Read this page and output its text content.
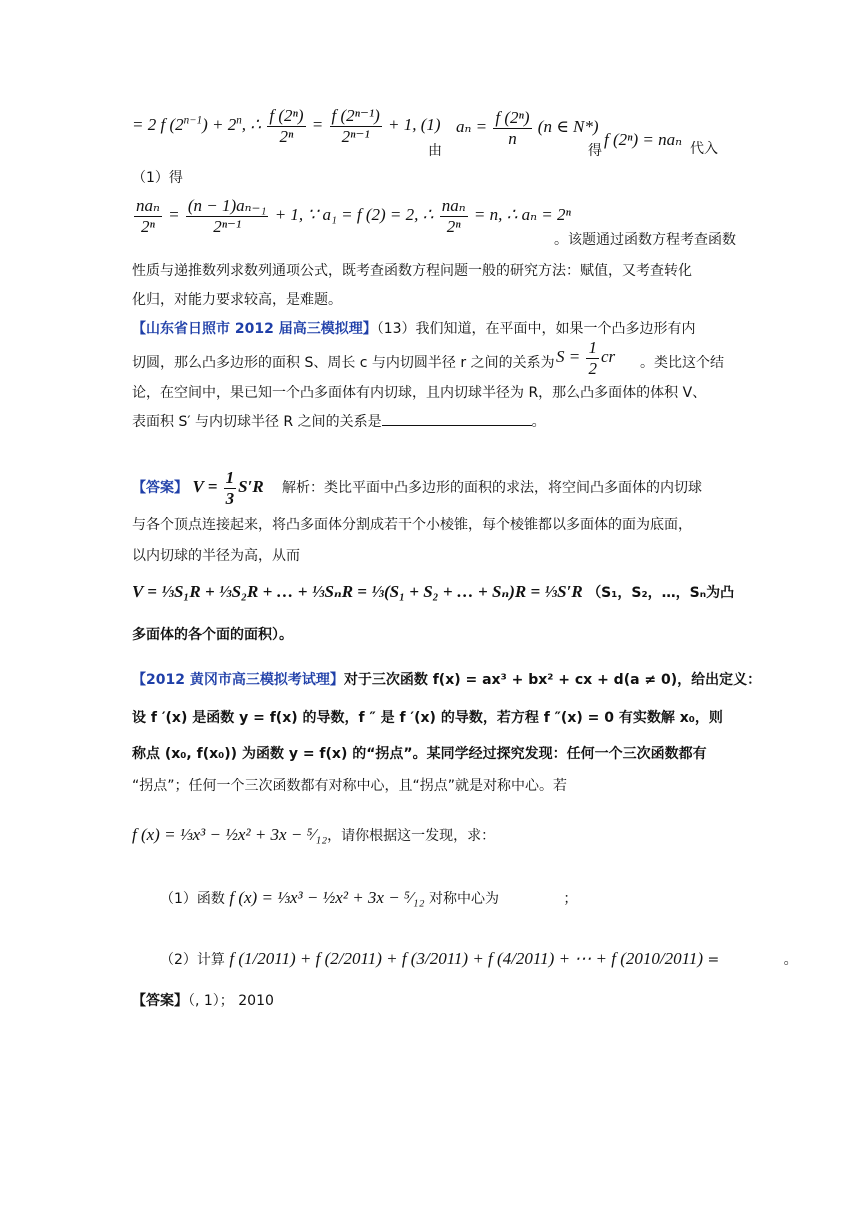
= 2 f $(2^{n-1}) + 2^n$, ∴ $\frac{\text{f (2ⁿ)}}{\text{2ⁿ}} = \frac{\text{f (2ⁿ⁻¹)}}{\text{2ⁿ⁻¹}} + 1$, (1)
由
$a_n = \frac{\text{f (2ⁿ)}}{n} (n$ ∈ N*)
得
f (2ⁿ) = naₙ 代入
（1）得
$\frac{\text{naₙ}}{\text{2ⁿ}} = \frac{\text{(n − 1)aₙ₋₁}}{\text{2ⁿ⁻¹}} + 1$, ∵ a₁ = f (2) = 2, ∴ $\frac{\text{naₙ}}{\text{2ⁿ}} = n$, ∴ aₙ = 2ⁿ
。该题通过函数方程考查函数
性质与递推数列求数列通项公式，既考查函数方程问题一般的研究方法：赋值，又考查转化
化归，对能力要求较高，是难题。
【山东省日照市 2012 届高三模拟理】（13）我们知道，在平面中，如果一个凸多边形有内
切圆，那么凸多边形的面积 S、周长 c 与内切圆半径 r 之间的关系为 $S = \frac{1}{2}$ cr 。类比这个结
论，在空间中，果已知一个凸多面体有内切球，且内切球半径为 R，那么凸多面体的体积 V、
表面积 S′ 与内切球半径 R 之间的关系是	。
【答案】 $V = \frac{1}{3} S'R$ 解析：类比平面中凸多边形的面积的求法，将空间凸多面体的内切球
与各个顶点连接起来，将凸多面体分割成若干个小棱锥，每个棱锥都以多面体的面为底面，
以内切球的半径为高，从而
V = ⅓S₁R + ⅓S₂R + … + ⅓SₙR = ⅓(S₁ + S₂ + … + Sₙ)R = ⅓S′R （S₁，S₂，…，Sₙ为凸
多面体的各个面的面积）。
【2012 黄冈市高三模拟考试理】对于三次函数 f(x) = ax³ + bx² + cx + d(a ≠ 0)，给出定义：
设 f ′(x) 是函数 y = f(x) 的导数，f ″ 是 f ′(x) 的导数，若方程 f ″(x) = 0 有实数解 x₀，则
称点 (x₀, f(x₀)) 为函数 y = f(x) 的“拐点”。某同学经过探究发现：任何一个三次函数都有
“拐点”；任何一个三次函数都有对称中心，且“拐点”就是对称中心。若
f (x) = ⅓x³ − ½x² + 3x − ⁵⁄₁₂，请你根据这一发现，求：
（1）函数 f (x) = ⅓x³ − ½x² + 3x − ⁵⁄₁₂ 对称中心为	；
（2）计算 f (1/2011) + f (2/2011) + f (3/2011) + f (4/2011) + ⋯ + f (2010/2011) =	。
【答案】（, 1）； 2010
